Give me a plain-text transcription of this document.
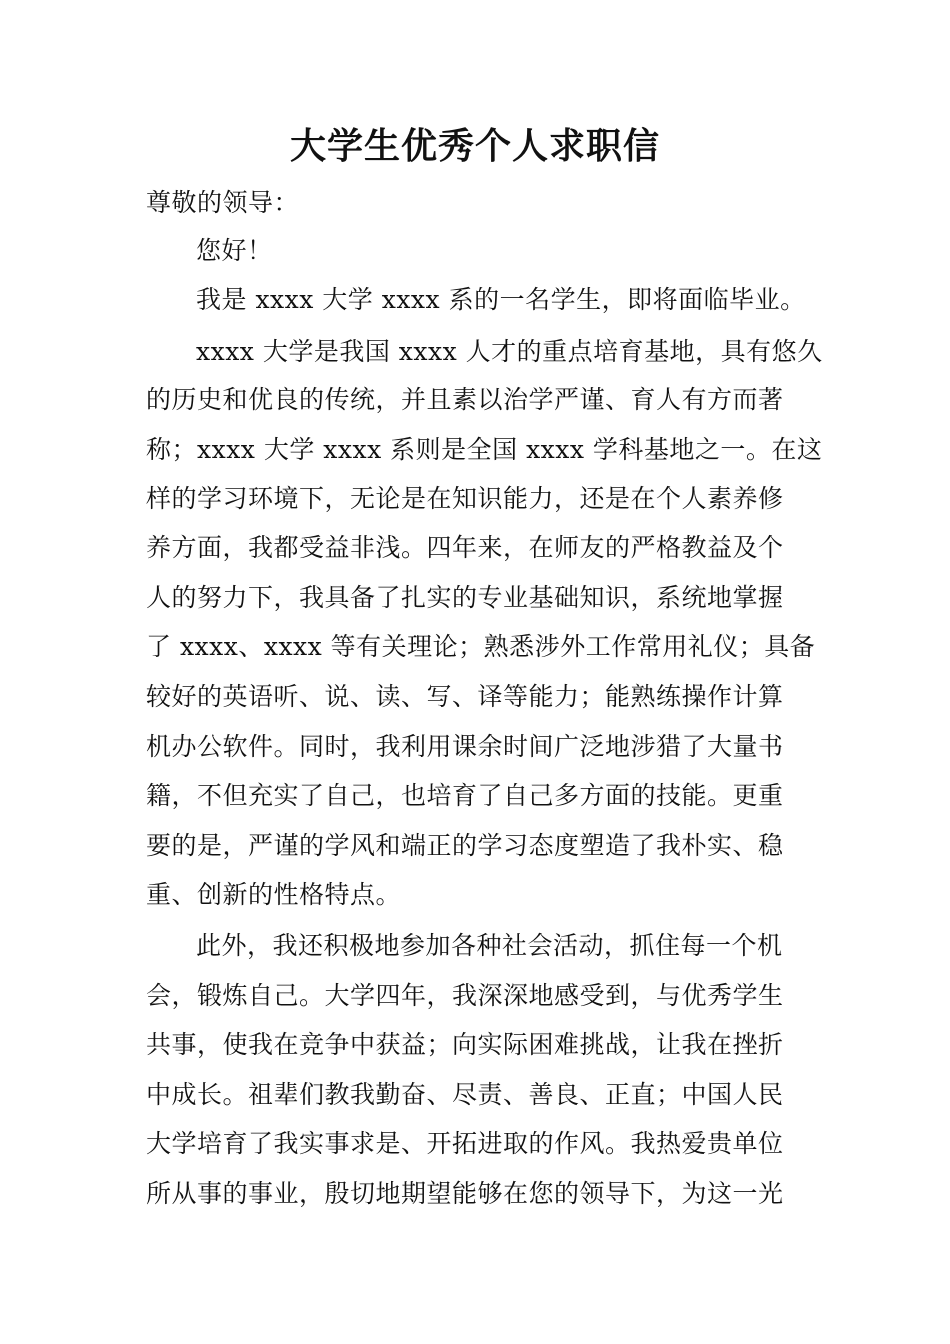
大学生优秀个人求职信
尊敬的领导：
您好！
我是 xxxx 大学 xxxx 系的一名学生，即将面临毕业。
xxxx 大学是我国 xxxx 人才的重点培育基地，具有悠久
的历史和优良的传统，并且素以治学严谨、育人有方而著
称；xxxx 大学 xxxx 系则是全国 xxxx 学科基地之一。在这
样的学习环境下，无论是在知识能力，还是在个人素养修
养方面，我都受益非浅。四年来，在师友的严格教益及个
人的努力下，我具备了扎实的专业基础知识，系统地掌握
了 xxxx、xxxx 等有关理论；熟悉涉外工作常用礼仪；具备
较好的英语听、说、读、写、译等能力；能熟练操作计算
机办公软件。同时，我利用课余时间广泛地涉猎了大量书
籍，不但充实了自己，也培育了自己多方面的技能。更重
要的是，严谨的学风和端正的学习态度塑造了我朴实、稳
重、创新的性格特点。
此外，我还积极地参加各种社会活动，抓住每一个机
会，锻炼自己。大学四年，我深深地感受到，与优秀学生
共事，使我在竞争中获益；向实际困难挑战，让我在挫折
中成长。祖辈们教我勤奋、尽责、善良、正直；中国人民
大学培育了我实事求是、开拓进取的作风。我热爱贵单位
所从事的事业，殷切地期望能够在您的领导下，为这一光
